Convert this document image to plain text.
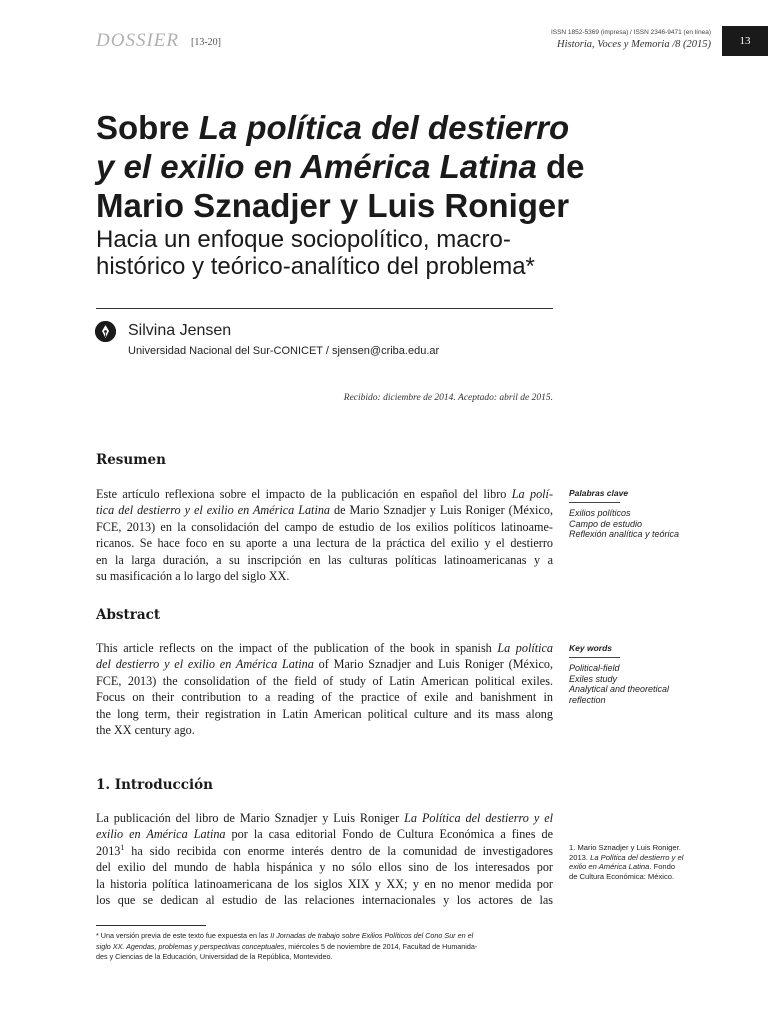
DOSSIER [13-20]
ISSN 1852-5369 (impresa) / ISSN 2346-9471 (en línea)
Historia, Voces y Memoria /8 (2015)	13
Sobre La política del destierro
y el exilio en América Latina de
Mario Sznadjer y Luis Roniger
Hacia un enfoque sociopolítico, macro-
histórico y teórico-analítico del problema*
Silvina Jensen
Universidad Nacional del Sur-CONICET / sjensen@criba.edu.ar
Recibido: diciembre de 2014. Aceptado: abril de 2015.
Resumen
Este artículo reflexiona sobre el impacto de la publicación en español del libro La polí-
tica del destierro y el exilio en América Latina de Mario Sznadjer y Luis Roniger (México,
FCE, 2013) en la consolidación del campo de estudio de los exilios políticos latinoame-
ricanos. Se hace foco en su aporte a una lectura de la práctica del exilio y el destierro
en la larga duración, a su inscripción en las culturas políticas latinoamericanas y a
su masificación a lo largo del siglo XX.
Palabras clave
Exilios políticos
Campo de estudio
Reflexión analítica y teórica
Abstract
This article reflects on the impact of the publication of the book in spanish La política
del destierro y el exilio en América Latina of Mario Sznadjer and Luis Roniger (México,
FCE, 2013) the consolidation of the field of study of Latin American political exiles.
Focus on their contribution to a reading of the practice of exile and banishment in
the long term, their registration in Latin American political culture and its mass along
the XX century ago.
Key words
Political-field
Exiles study
Analytical and theoretical
reflection
1. Introducción
La publicación del libro de Mario Sznadjer y Luis Roniger La Política del destierro y el
exilio en América Latina por la casa editorial Fondo de Cultura Económica a fines de
2013$^1$ ha sido recibida con enorme interés dentro de la comunidad de investigadores
del exilio del mundo de habla hispánica y no sólo ellos sino de los interesados por
la historia política latinoamericana de los siglos XIX y XX; y en no menor medida por
los que se dedican al estudio de las relaciones internacionales y los actores de las
1. Mario Sznadjer y Luis Roniger.
2013. La Política del destierro y el
exilio en América Latina. Fondo
de Cultura Económica: México.
* Una versión previa de este texto fue expuesta en las II Jornadas de trabajo sobre Exilios Políticos del Cono Sur en el
siglo XX. Agendas, problemas y perspectivas conceptuales, miércoles 5 de noviembre de 2014, Facultad de Humanida-
des y Ciencias de la Educación, Universidad de la República, Montevideo.
